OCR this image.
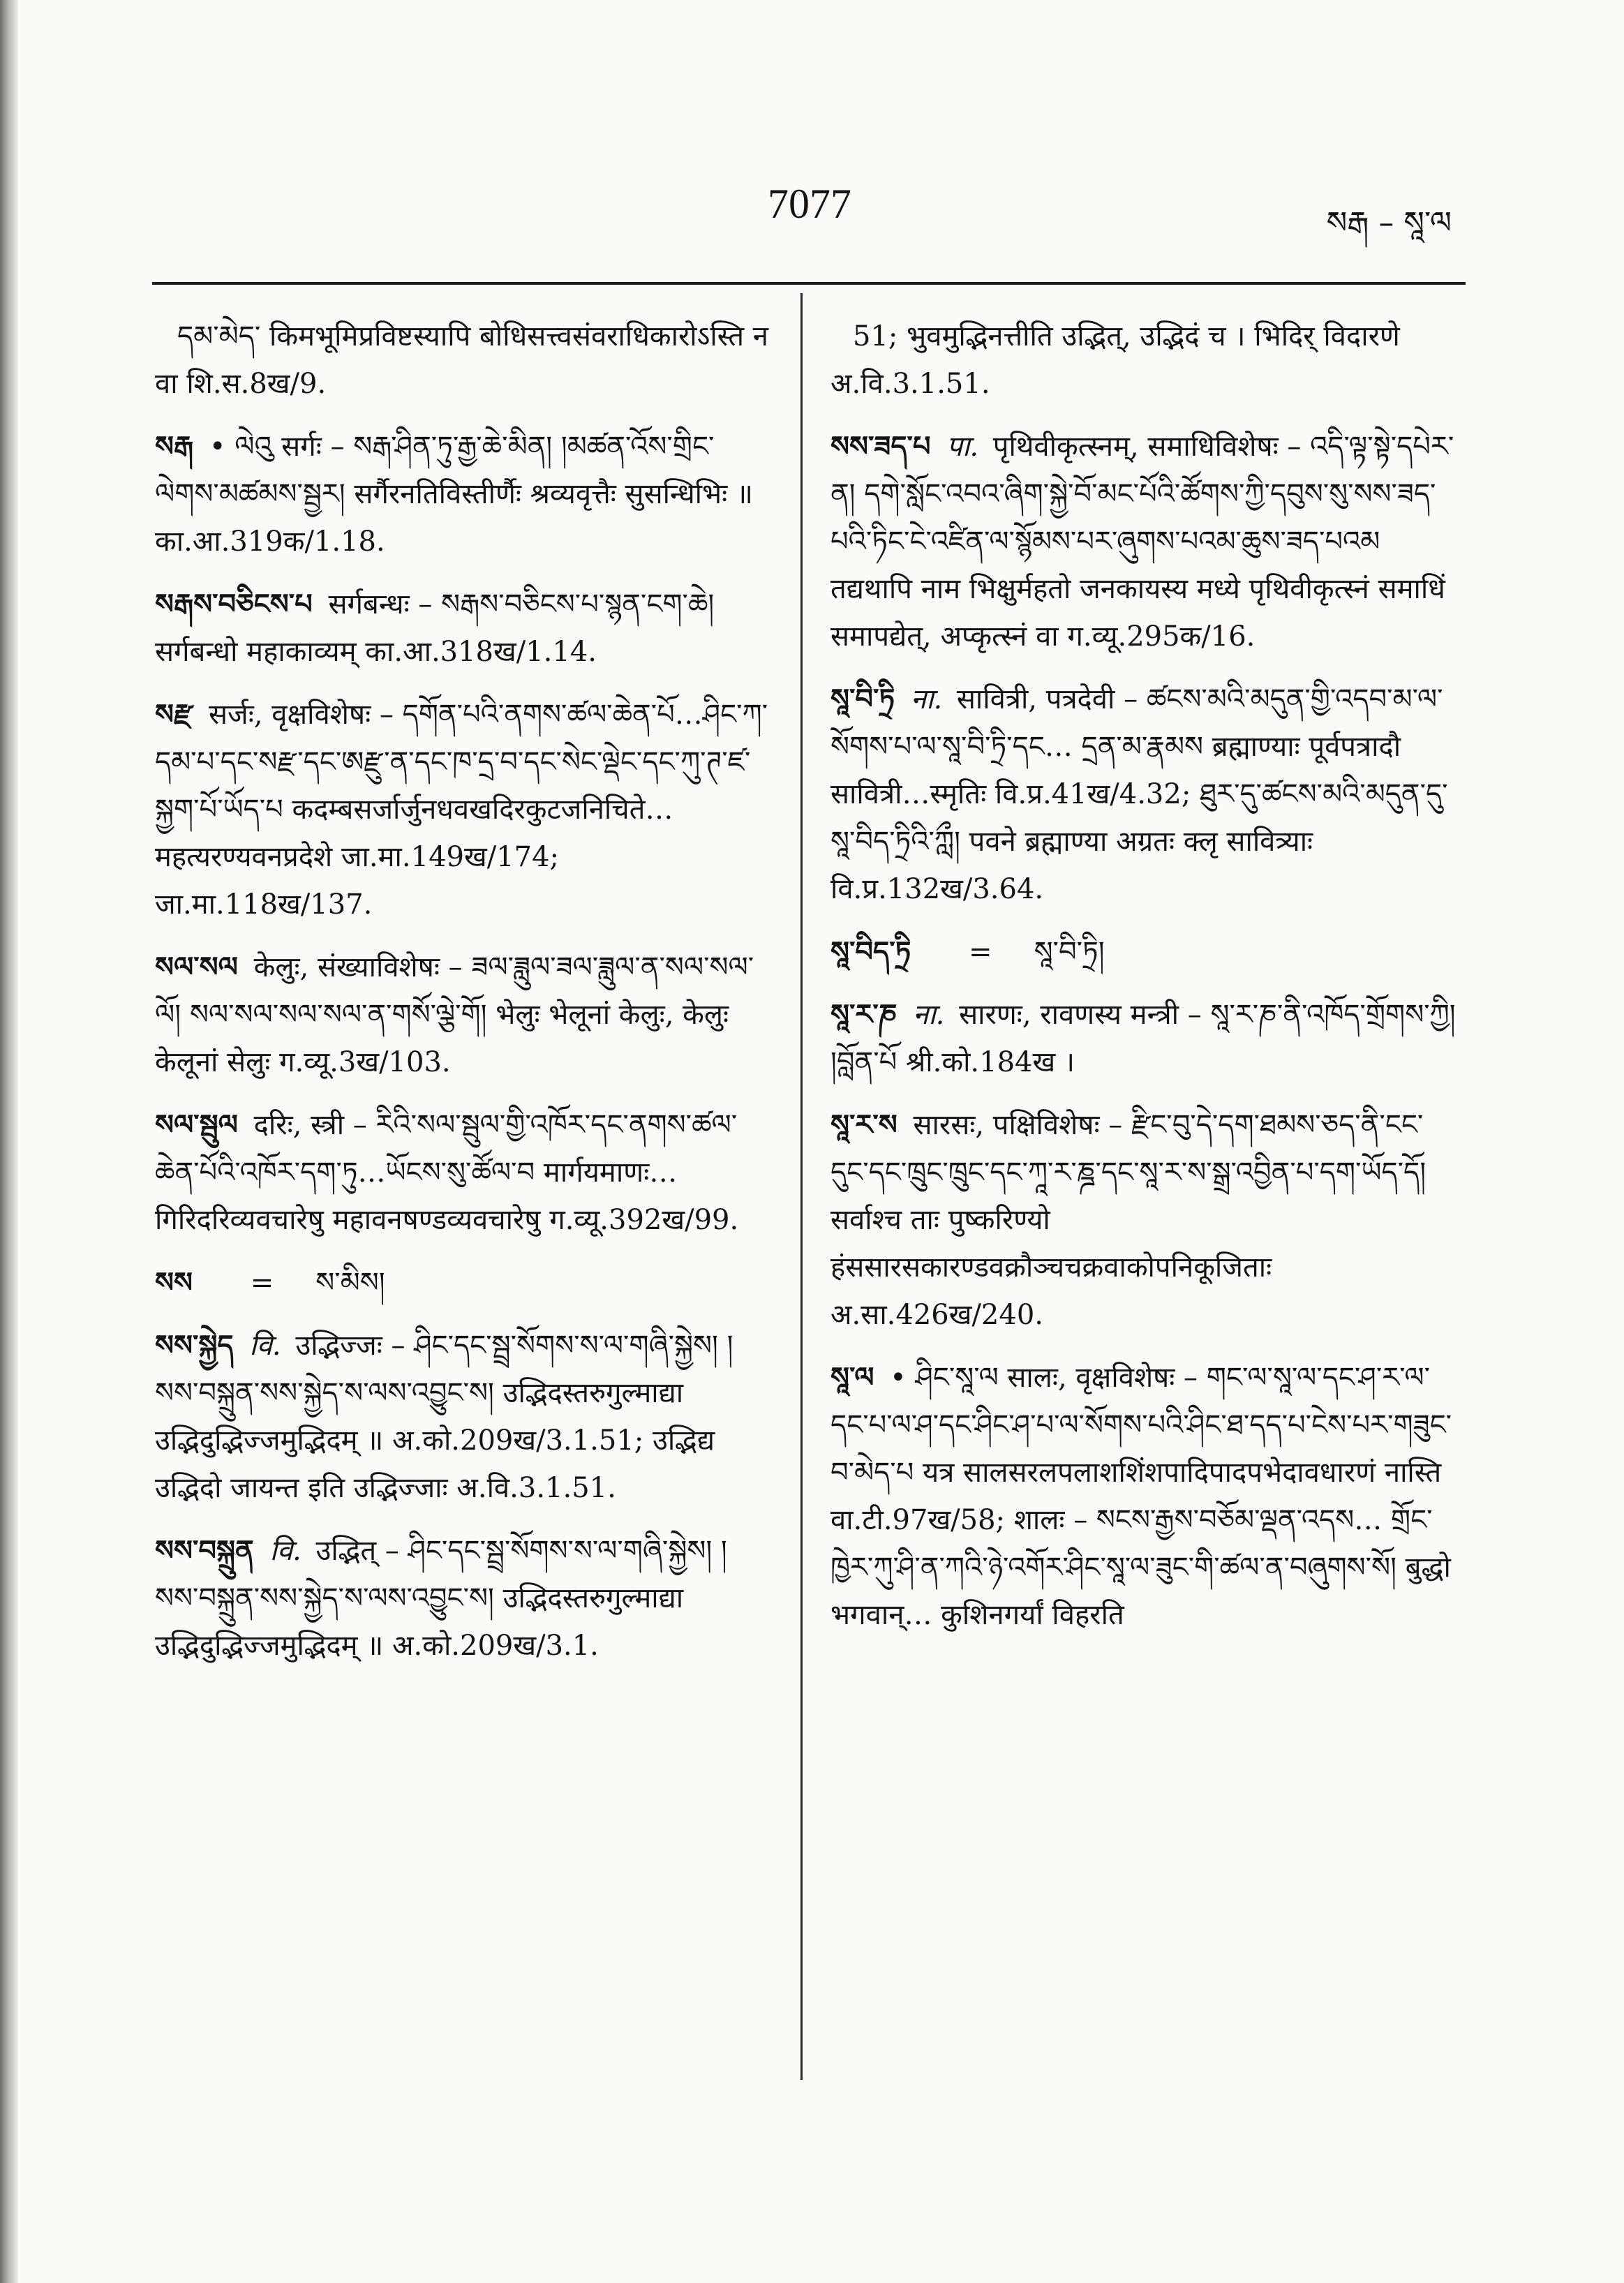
7077	སརྒ – སཱ་ལ
དམ་མེད་ किमभूमिप्रविष्टस्यापि बोधिसत्त्वसंवराधिकारोऽस्ति न वा शि.स.8ख/9.
སརྒ • ལེའུ सर्गः – སརྒ་ཤིན་ཏུ་རྒྱ་ཆེ་མིན། །མཚན་འོས་གྲིང་ལེགས་མཚམས་སྦྱར། सर्गैरनतिविस्तीर्णैः श्रव्यवृत्तैः सुसन्धिभिः ॥ का.आ.319क/1.18.
སརྒས་བཅིངས་པ सर्गबन्धः – སརྒས་བཅིངས་པ་སྙན་ངག་ཆེ། सर्गबन्धो महाकाव्यम् का.आ.318ख/1.14.
སརྫ सर्जः, वृक्षविशेषः – དགོན་པའི་ནགས་ཚལ་ཆེན་པོ…ཤིང་ཀ་དམ་པ་དང་སརྫ་དང་ཨརྫུ་ན་དང་ཁ་དྲ་བ་དང་སེང་ལྡེང་དང་ཀུ་ཊ་ཛ་སྐྱག་པོ་ཡོད་པ कदम्बसर्जार्जुनधवखदिरकुटजनिचिते… महत्यरण्यवनप्रदेशे जा.मा.149ख/174; जा.मा.118ख/137.
སལ་སལ केलुः, संख्याविशेषः – ཟལ་ཟླུལ་ཟལ་ཟླུལ་ན་སལ་སལ་ལོ། སལ་སལ་སལ་སལ་ན་གསོ་ལྕེ་གོ། भेलुः भेलूनां केलुः, केलुः केलूनां सेलुः ग.व्यू.3ख/103.
སལ་སྦུལ दरिः, स्त्री – རིའི་སལ་སྦུལ་གྱི་འཁོར་དང་ནགས་ཚལ་ཆེན་པོའི་འཁོར་དག་ཏུ…ཡོངས་སུ་ཚོལ་བ मार्गयमाणः… गिरिदरिव्यवचारेषु महावनषण्डव्यवचारेषु ग.व्यू.392ख/99.
སས = ས་མིས།
སས་སྐྱེད वि. उद्भिज्जः – ཤིང་དང་སྦྲ་སོགས་ས་ལ་གཞི་སྐྱེས། །སས་བསྐྲུན་སས་སྐྱེད་ས་ལས་འབྱུང་ས། उद्भिदस्तरुगुल्माद्या उद्भिदुद्भिज्जमुद्भिदम् ॥ अ.को.209ख/3.1.51; उद्भिद्य उद्भिदो जायन्त इति उद्भिज्जाः अ.वि.3.1.51.
སས་བསྐྲུན वि. उद्भित् – ཤིང་དང་སྦྲ་སོགས་ས་ལ་གཞི་སྐྱེས། །སས་བསྐྲུན་སས་སྐྱེད་ས་ལས་འབྱུང་ས། उद्भिदस्तरुगुल्माद्या उद्भिदुद्भिज्जमुद्भिदम् ॥ अ.को.209ख/3.1.
51; भुवमुद्भिनत्तीति उद्भित्, उद्भिदं च । भिदिर् विदारणे अ.वि.3.1.51.
སས་ཟད་པ पा. पृथिवीकृत्स्नम्, समाधिविशेषः – འདི་ལྟ་སྟེ་དཔེར་ན། དགེ་སློང་འབའ་ཞིག་སྐྱེ་བོ་མང་པོའི་ཚོགས་ཀྱི་དབུས་སུ་སས་ཟད་པའི་ཏིང་ངེ་འཛིན་ལ་སྙོམས་པར་ཞུགས་པའམ་ཆུས་ཟད་པའམ तद्यथापि नाम भिक्षुर्महतो जनकायस्य मध्ये पृथिवीकृत्स्नं समाधिं समापद्येत्, अप्कृत्स्नं वा ग.व्यू.295क/16.
སཱ་བི་ཏྲི ना. सावित्री, पत्रदेवी – ཚངས་མའི་མདུན་གྱི་འདབ་མ་ལ་སོགས་པ་ལ་སཱ་བི་ཏྲི་དང… དྲན་མ་རྣམས ब्रह्माण्याः पूर्वपत्रादौ सावित्री…स्मृतिः वि.प्र.41ख/4.32; ཐུར་དུ་ཚངས་མའི་མདུན་དུ་སཱ་བིད་ཏྲིའི་ཀླྀ། पवने ब्रह्माण्या अग्रतः क्लृ सावित्र्याः वि.प्र.132ख/3.64.
སཱ་བིད་ཏྲི = སཱ་བི་ཏྲི།
སཱ་ར་ཎ ना. सारणः, रावणस्य मन्त्री – སཱ་ར་ཎ་ནི་འཁོད་གྲོགས་ཀྱི། །བློན་པོ श्री.को.184ख ।
སཱ་ར་ས सारसः, पक्षिविशेषः – རྫིང་བུ་དེ་དག་ཐམས་ཅད་ནི་ངང་དུང་དང་ཁྲུང་ཁྲུང་དང་ཀཱ་ར་ཎྜ་དང་སཱ་ར་ས་སྒྲ་འབྱིན་པ་དག་ཡོད་དོ། सर्वाश्च ताः पुष्करिण्यो हंससारसकारण्डवक्रौञ्चचक्रवाकोपनिकूजिताः अ.सा.426ख/240.
སཱ་ལ • ཤིང་སཱ་ལ सालः, वृक्षविशेषः – གང་ལ་སཱ་ལ་དང་ཤ་ར་ལ་དང་པ་ལ་ཤ་དང་ཤིང་ཤ་པ་ལ་སོགས་པའི་ཤིང་ཐ་དད་པ་ངེས་པར་གཟུང་བ་མེད་པ यत्र सालसरलपलाशशिंशपादिपादपभेदावधारणं नास्ति वा.टी.97ख/58; शालः – སངས་རྒྱས་བཅོམ་ལྡན་འདས… གྲོང་ཁྱེར་ཀུ་ཤི་ན་ཀའི་ཉེ་འགོར་ཤིང་སཱ་ལ་ཟུང་གི་ཚལ་ན་བཞུགས་སོ། बुद्धो भगवान्… कुशिनगर्यां विहरति
